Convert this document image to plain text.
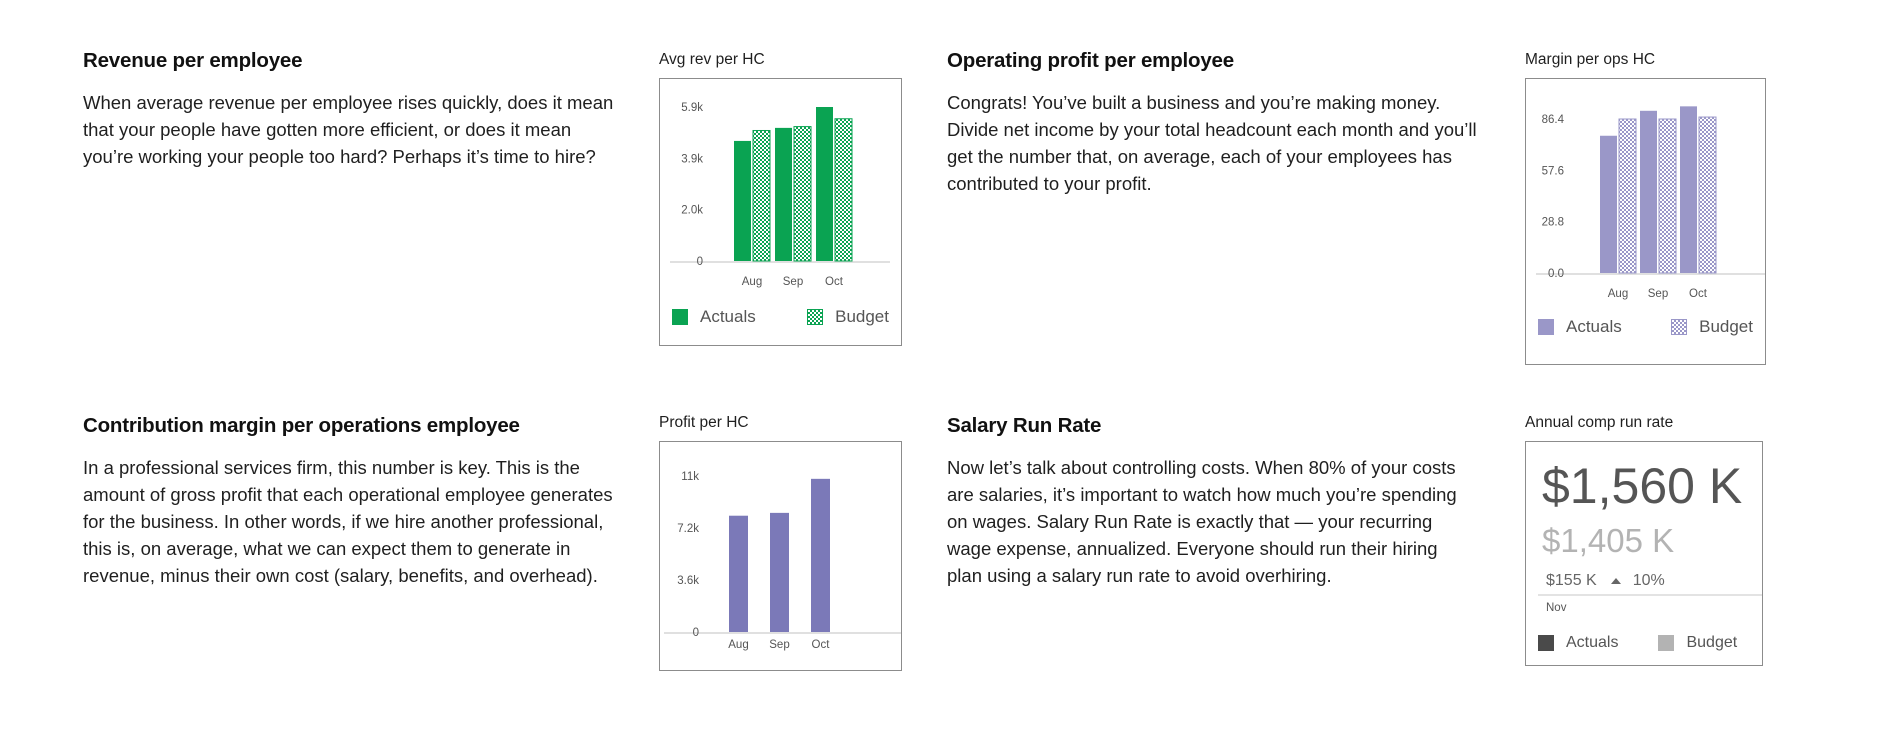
Revenue per employee

When average revenue per employee rises quickly, does it mean that your people have gotten more efficient, or does it mean you’re working your people too hard? Perhaps it’s time to hire?

Operating profit per employee

Congrats! You’ve built a business and you’re making money. Divide net income by your total headcount each month and you’ll get the number that, on average, each of your employees has contributed to your profit.

Contribution margin per operations employee

In a professional services firm, this number is key. This is the amount of gross profit that each operational employee generates for the business. In other words, if we hire another professional, this is, on average, what we can expect them to generate in revenue, minus their own cost (salary, benefits, and overhead).

Salary Run Rate

Now let’s talk about controlling costs. When 80% of your costs are salaries, it’s important to watch how much you’re spending on wages. Salary Run Rate is exactly that — your recurring wage expense, annualized. Everyone should run their hiring plan using a salary run rate to avoid overhiring.

Avg rev per HC
0
2.0k
3.9k
5.9k
Aug Sep Oct
Actuals	Budget
Margin per ops HC
0.0
28.8
57.6
86.4
Aug Sep Oct
Actuals	Budget
Profit per HC
0
3.6k
7.2k
11k
Aug Sep Oct
Annual comp run rate
$1,560 K
$1,405 K
$155 K 10%
Nov
Actuals	Budget
